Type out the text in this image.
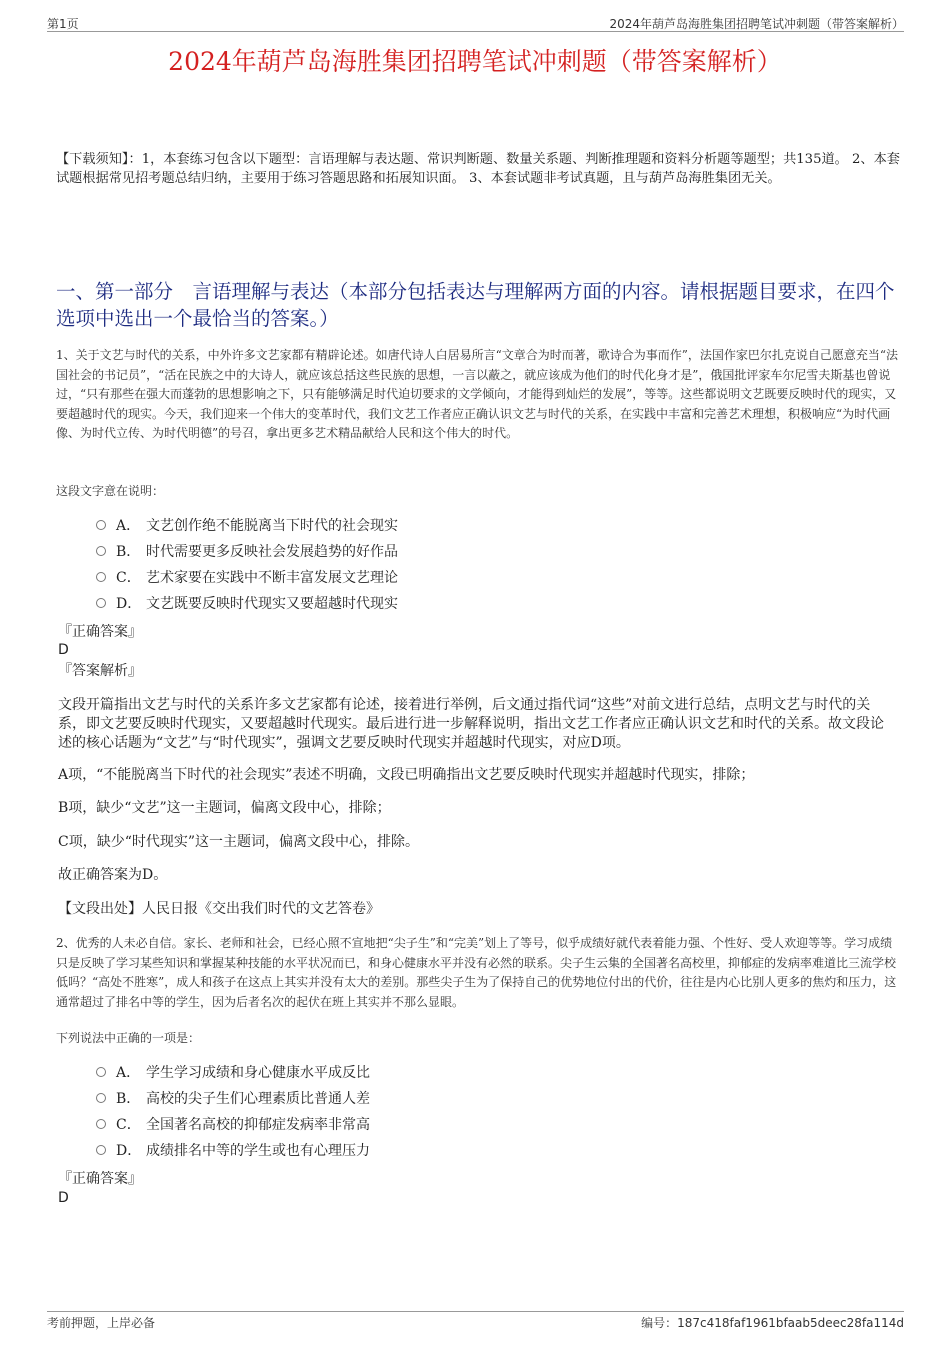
第1页	2024年葫芦岛海胜集团招聘笔试冲刺题（带答案解析）
2024年葫芦岛海胜集团招聘笔试冲刺题（带答案解析）

【下载须知】：1，本套练习包含以下题型：言语理解与表达题、常识判断题、数量关系题、判断推理题和资料分析题等题型；共135道。 2、本套试题根据常见招考题总结归纳，主要用于练习答题思路和拓展知识面。 3、本套试题非考试真题，且与葫芦岛海胜集团无关。

一、第一部分　言语理解与表达（本部分包括表达与理解两方面的内容。请根据题目要求，在四个选项中选出一个最恰当的答案。）

1、关于文艺与时代的关系，中外许多文艺家都有精辟论述。如唐代诗人白居易所言“文章合为时而著，歌诗合为事而作”，法国作家巴尔扎克说自己愿意充当“法国社会的书记员”，“活在民族之中的大诗人，就应该总括这些民族的思想，一言以蔽之，就应该成为他们的时代化身才是”，俄国批评家车尔尼雪夫斯基也曾说过，“只有那些在强大而蓬勃的思想影响之下，只有能够满足时代迫切要求的文学倾向，才能得到灿烂的发展”，等等。这些都说明文艺既要反映时代的现实，又要超越时代的现实。今天，我们迎来一个伟大的变革时代，我们文艺工作者应正确认识文艺与时代的关系，在实践中丰富和完善艺术理想，积极响应“为时代画像、为时代立传、为时代明德”的号召，拿出更多艺术精品献给人民和这个伟大的时代。

这段文字意在说明：

A． 文艺创作绝不能脱离当下时代的社会现实
B． 时代需要更多反映社会发展趋势的好作品
C． 艺术家要在实践中不断丰富发展文艺理论
D． 文艺既要反映时代现实又要超越时代现实
『正确答案』
D
『答案解析』

文段开篇指出文艺与时代的关系许多文艺家都有论述，接着进行举例，后文通过指代词“这些”对前文进行总结，点明文艺与时代的关系，即文艺要反映时代现实，又要超越时代现实。最后进行进一步解释说明，指出文艺工作者应正确认识文艺和时代的关系。故文段论述的核心话题为“文艺”与“时代现实”，强调文艺要反映时代现实并超越时代现实，对应D项。

A项，“不能脱离当下时代的社会现实”表述不明确，文段已明确指出文艺要反映时代现实并超越时代现实，排除；

B项，缺少“文艺”这一主题词，偏离文段中心，排除；

C项，缺少“时代现实”这一主题词，偏离文段中心，排除。

故正确答案为D。

【文段出处】人民日报《交出我们时代的文艺答卷》

2、优秀的人未必自信。家长、老师和社会，已经心照不宣地把“尖子生”和“完美”划上了等号，似乎成绩好就代表着能力强、个性好、受人欢迎等等。学习成绩只是反映了学习某些知识和掌握某种技能的水平状况而已，和身心健康水平并没有必然的联系。尖子生云集的全国著名高校里，抑郁症的发病率难道比三流学校低吗？“高处不胜寒”，成人和孩子在这点上其实并没有太大的差别。那些尖子生为了保持自己的优势地位付出的代价，往往是内心比别人更多的焦灼和压力，这通常超过了排名中等的学生，因为后者名次的起伏在班上其实并不那么显眼。

下列说法中正确的一项是：

A． 学生学习成绩和身心健康水平成反比
B． 高校的尖子生们心理素质比普通人差
C． 全国著名高校的抑郁症发病率非常高
D． 成绩排名中等的学生或也有心理压力
『正确答案』
D
考前押题，上岸必备	编号：187c418faf1961bfaab5deec28fa114d
